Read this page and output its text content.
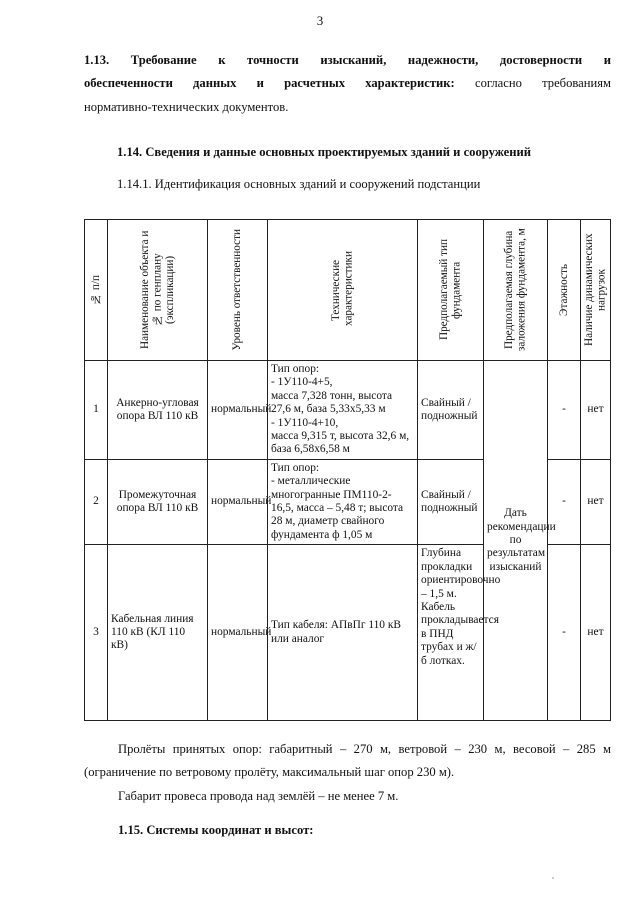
3
1.13. Требование к точности изысканий, надежности, достоверности и
обеспеченности данных и расчетных характеристик: согласно требованиям
нормативно-технических документов.
1.14. Сведения и данные основных проектируемых зданий и сооружений
1.14.1. Идентификация основных зданий и сооружений подстанции
№ п/п	Наименование объекта и № по генплану (экспликации)	Уровень ответственности	Технические характеристики	Предполагаемый тип фундамента	Предполагаемая глубина заложения фундамента, м	Этажность	Наличие динамических нагрузок

1	Анкерно-угловая опора ВЛ 110 кВ	нормальный	Тип опор:
- 1У110-4+5,
масса 7,328 тонн, высота 27,6 м, база 5,33х5,33 м
- 1У110-4+10,
масса 9,315 т, высота 32,6 м, база 6,58х6,58 м	Свайный / подножный	Дать рекомендации по результатам изысканий	-	нет
2	Промежуточная опора ВЛ 110 кВ	нормальный	Тип опор:
- металлические многогранные ПМ110-2-16,5, масса – 5,48 т; высота 28 м, диаметр свайного фундамента ф 1,05 м	Свайный / подножный		-	нет
3	Кабельная линия 110 кВ (КЛ 110 кВ)	нормальный	Тип кабеля: АПвПг 110 кВ или аналог	Глубина прокладки ориентировочно – 1,5 м.
Кабель прокладывается в ПНД трубах и ж/б лотках.		-	нет
Пролёты принятых опор: габаритный – 270 м, ветровой – 230 м, весовой – 285 м
(ограничение по ветровому пролёту, максимальный шаг опор 230 м).
Габарит провеса провода над землёй – не менее 7 м.
1.15. Системы координат и высот:
